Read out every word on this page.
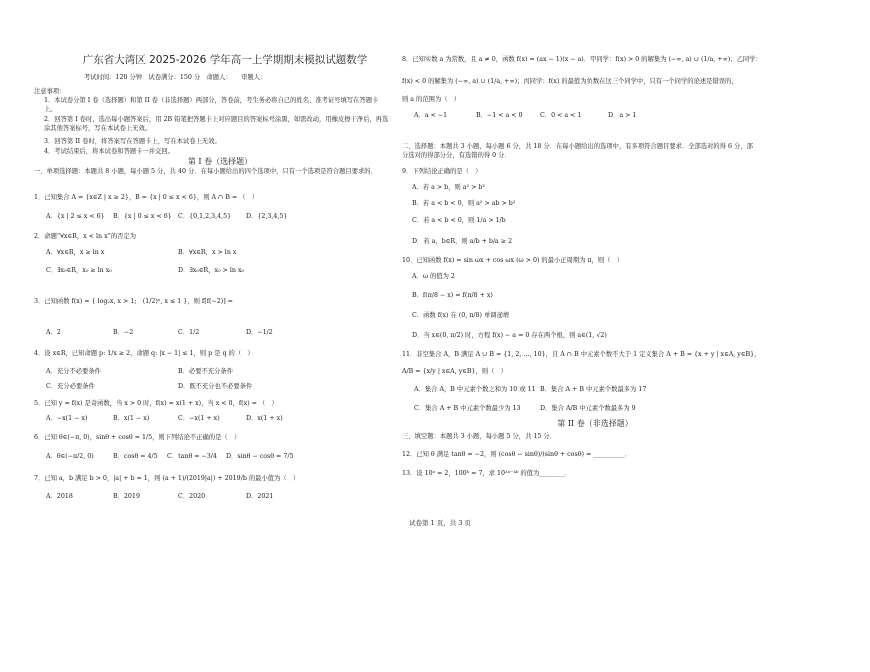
广东省大湾区 2025-2026 学年高一上学期期末模拟试题数学
考试时间：120 分钟　试卷满分：150 分　命题人：　　审题人：
注意事项：
1．本试卷分第 I 卷（选择题）和第 II 卷（非选择题）两部分，答卷前，考生务必将自己的姓名、准考证号填写在答题卡上。
2．回答第 I 卷时，选出每小题答案后，用 2B 铅笔把答题卡上对应题目的答案标号涂黑，如需改动，用橡皮擦干净后，再选涂其他答案标号，写在本试卷上无效。
3．回答第 II 卷时，将答案写在答题卡上，写在本试卷上无效。
4．考试结束后，将本试卷和答题卡一并交回。
第 I 卷（选择题）
一、单项选择题：本题共 8 小题，每小题 5 分，共 40 分．在每小题给出的四个选项中，只有一个选项是符合题目要求的．
1．已知集合 A = {x∈Z | x ≥ 2}，B = {x | 0 ≤ x < 6}，则 A ∩ B = （　）
A．{x | 2 ≤ x < 6} B．{x | 0 ≤ x < 6} C．{0,1,2,3,4,5} D．{2,3,4,5}
2．命题“∀x∈R，x < ln x”的否定为
A．∀x∈R，x ≥ ln x	B．∀x∈R，x > ln x
C．∃x₀∈R，x₀ ≥ ln x₀	D．∃x₀∈R，x₀ > ln x₀
3．已知函数 f(x) = { log₂x, x > 1;　(1/2)ˣ, x ≤ 1 }，则 f[f(−2)] =
A．2	B．−2	C．1/2	D．−1/2
4．设 x∈R，已知命题 p: 1/x ≥ 2，命题 q: |x − 1| ≤ 1，则 p 是 q 的（　）
A．充分不必要条件	B．必要不充分条件
C．充分必要条件	D．既不充分也不必要条件
5．已知 y = f(x) 是奇函数，当 x > 0 时，f(x) = x(1 + x)，当 x < 0，f(x) = （　）
A．−x(1 − x)	B．x(1 − x)	C．−x(1 + x)	D．x(1 + x)
6．已知 θ∈(−π, 0)，sinθ + cosθ = 1/5，则下列结论不正确的是（　）
A．θ∈(−π/2, 0)	B．cosθ = 4/5 C．tanθ = −3/4 D．sinθ − cosθ = 7/5
7．已知 a，b 满足 b > 0，|a| + b = 1，则 (a + 1)/(2019|a|) + 2019/b 的最小值为（　）
A．2018	B．2019	C．2020	D．2021
8．已知实数 a 为常数，且 a ≠ 0，函数 f(x) = (ax − 1)(x − a)．甲同学：f(x) > 0 的解集为 (−∞, a) ∪ (1/a, +∞)；乙同学：
f(x) < 0 的解集为 (−∞, a) ∪ (1/a, +∞)；丙同学：f(x) 的最值为负数在这三个同学中，只有一个同学的论述是错误的，
则 a 的范围为（　）
A．a < −1	B．−1 < a < 0	C．0 < a < 1	D．a > 1
二、选择题：本题共 3 小题，每小题 6 分，共 18 分．在每小题给出的选项中，有多项符合题目要求．全部选对的得 6 分，部分选对的得部分分，有选错的得 0 分．
9．下列结论正确的是（　）
A．若 a > b，则 a² > b²
B．若 a < b < 0，则 a² > ab > b²
C．若 a < b < 0，则 1/a > 1/b
D．若 a，b∈R，则 a/b + b/a ≥ 2
10．已知函数 f(x) = sin ωx + cos ωx (ω > 0) 的最小正周期为 π，则（　）
A．ω 的值为 2
B．f(π/8 − x) = f(π/8 + x)
C．函数 f(x) 在 (0, π/8) 单调递增
D．当 x∈(0, π/2) 时，方程 f(x) − a = 0 存在两个根，则 a∈(1, √2)
11．非空集合 A，B 满足 A ∪ B = {1, 2, …, 10}，且 A ∩ B 中元素个数不大于 1 定义集合 A + B = {x + y | x∈A, y∈B}，
A/B = {x/y | x∈A, y∈B}，则（　）
A．集合 A，B 中元素个数之和为 10 或 11 B．集合 A + B 中元素个数最多为 17
C．集合 A + B 中元素个数最少为 13	D．集合 A/B 中元素个数最多为 9
第 II 卷（非选择题）
三、填空题：本题共 3 小题，每小题 5 分，共 15 分．
12．已知 θ 满足 tanθ = −2，则 (cosθ − sinθ)/(sinθ + cosθ) = __________．
13．设 10ᵃ = 2，100ᵇ = 7，求 10²ᵃ⁻⁴ᵇ 的值为________．
试卷第 1 页，共 3 页
